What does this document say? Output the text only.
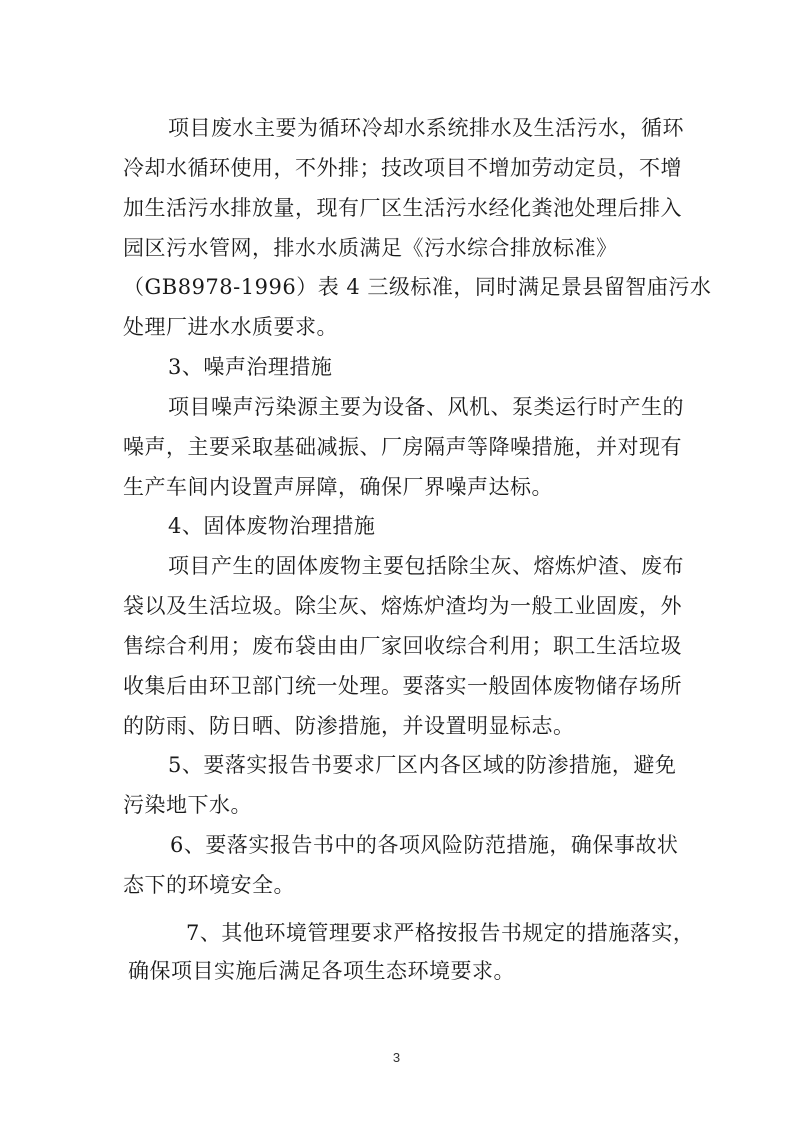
项目废水主要为循环冷却水系统排水及生活污水，循环
冷却水循环使用，不外排；技改项目不增加劳动定员，不增
加生活污水排放量，现有厂区生活污水经化粪池处理后排入
园区污水管网，排水水质满足《污水综合排放标准》
（GB8978-1996）表 4 三级标准，同时满足景县留智庙污水
处理厂进水水质要求。
3、噪声治理措施
项目噪声污染源主要为设备、风机、泵类运行时产生的
噪声，主要采取基础减振、厂房隔声等降噪措施，并对现有
生产车间内设置声屏障，确保厂界噪声达标。
4、固体废物治理措施
项目产生的固体废物主要包括除尘灰、熔炼炉渣、废布
袋以及生活垃圾。除尘灰、熔炼炉渣均为一般工业固废，外
售综合利用；废布袋由由厂家回收综合利用；职工生活垃圾
收集后由环卫部门统一处理。要落实一般固体废物储存场所
的防雨、防日晒、防渗措施，并设置明显标志。
5、要落实报告书要求厂区内各区域的防渗措施，避免
污染地下水。
6、要落实报告书中的各项风险防范措施，确保事故状
态下的环境安全。
3
7、其他环境管理要求严格按报告书规定的措施落实，
确保项目实施后满足各项生态环境要求。
